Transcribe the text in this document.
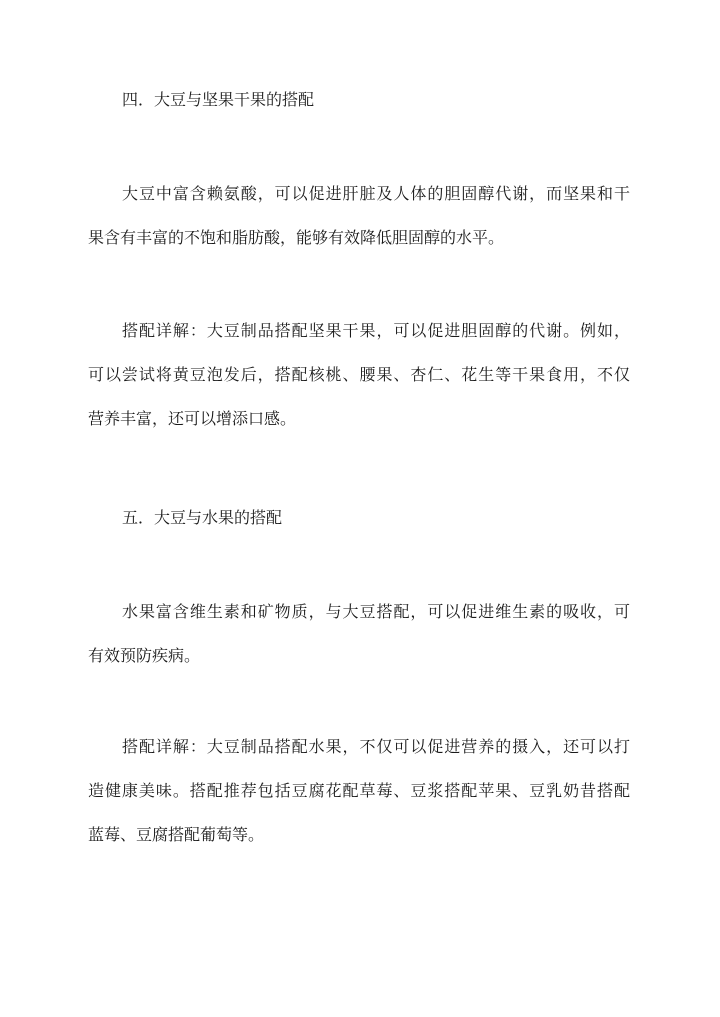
四．大豆与坚果干果的搭配
大豆中富含赖氨酸，可以促进肝脏及人体的胆固醇代谢，而坚果和干
果含有丰富的不饱和脂肪酸，能够有效降低胆固醇的水平。
搭配详解：大豆制品搭配坚果干果，可以促进胆固醇的代谢。例如，
可以尝试将黄豆泡发后，搭配核桃、腰果、杏仁、花生等干果食用，不仅
营养丰富，还可以增添口感。
五．大豆与水果的搭配
水果富含维生素和矿物质，与大豆搭配，可以促进维生素的吸收，可
有效预防疾病。
搭配详解：大豆制品搭配水果，不仅可以促进营养的摄入，还可以打
造健康美味。搭配推荐包括豆腐花配草莓、豆浆搭配苹果、豆乳奶昔搭配
蓝莓、豆腐搭配葡萄等。
